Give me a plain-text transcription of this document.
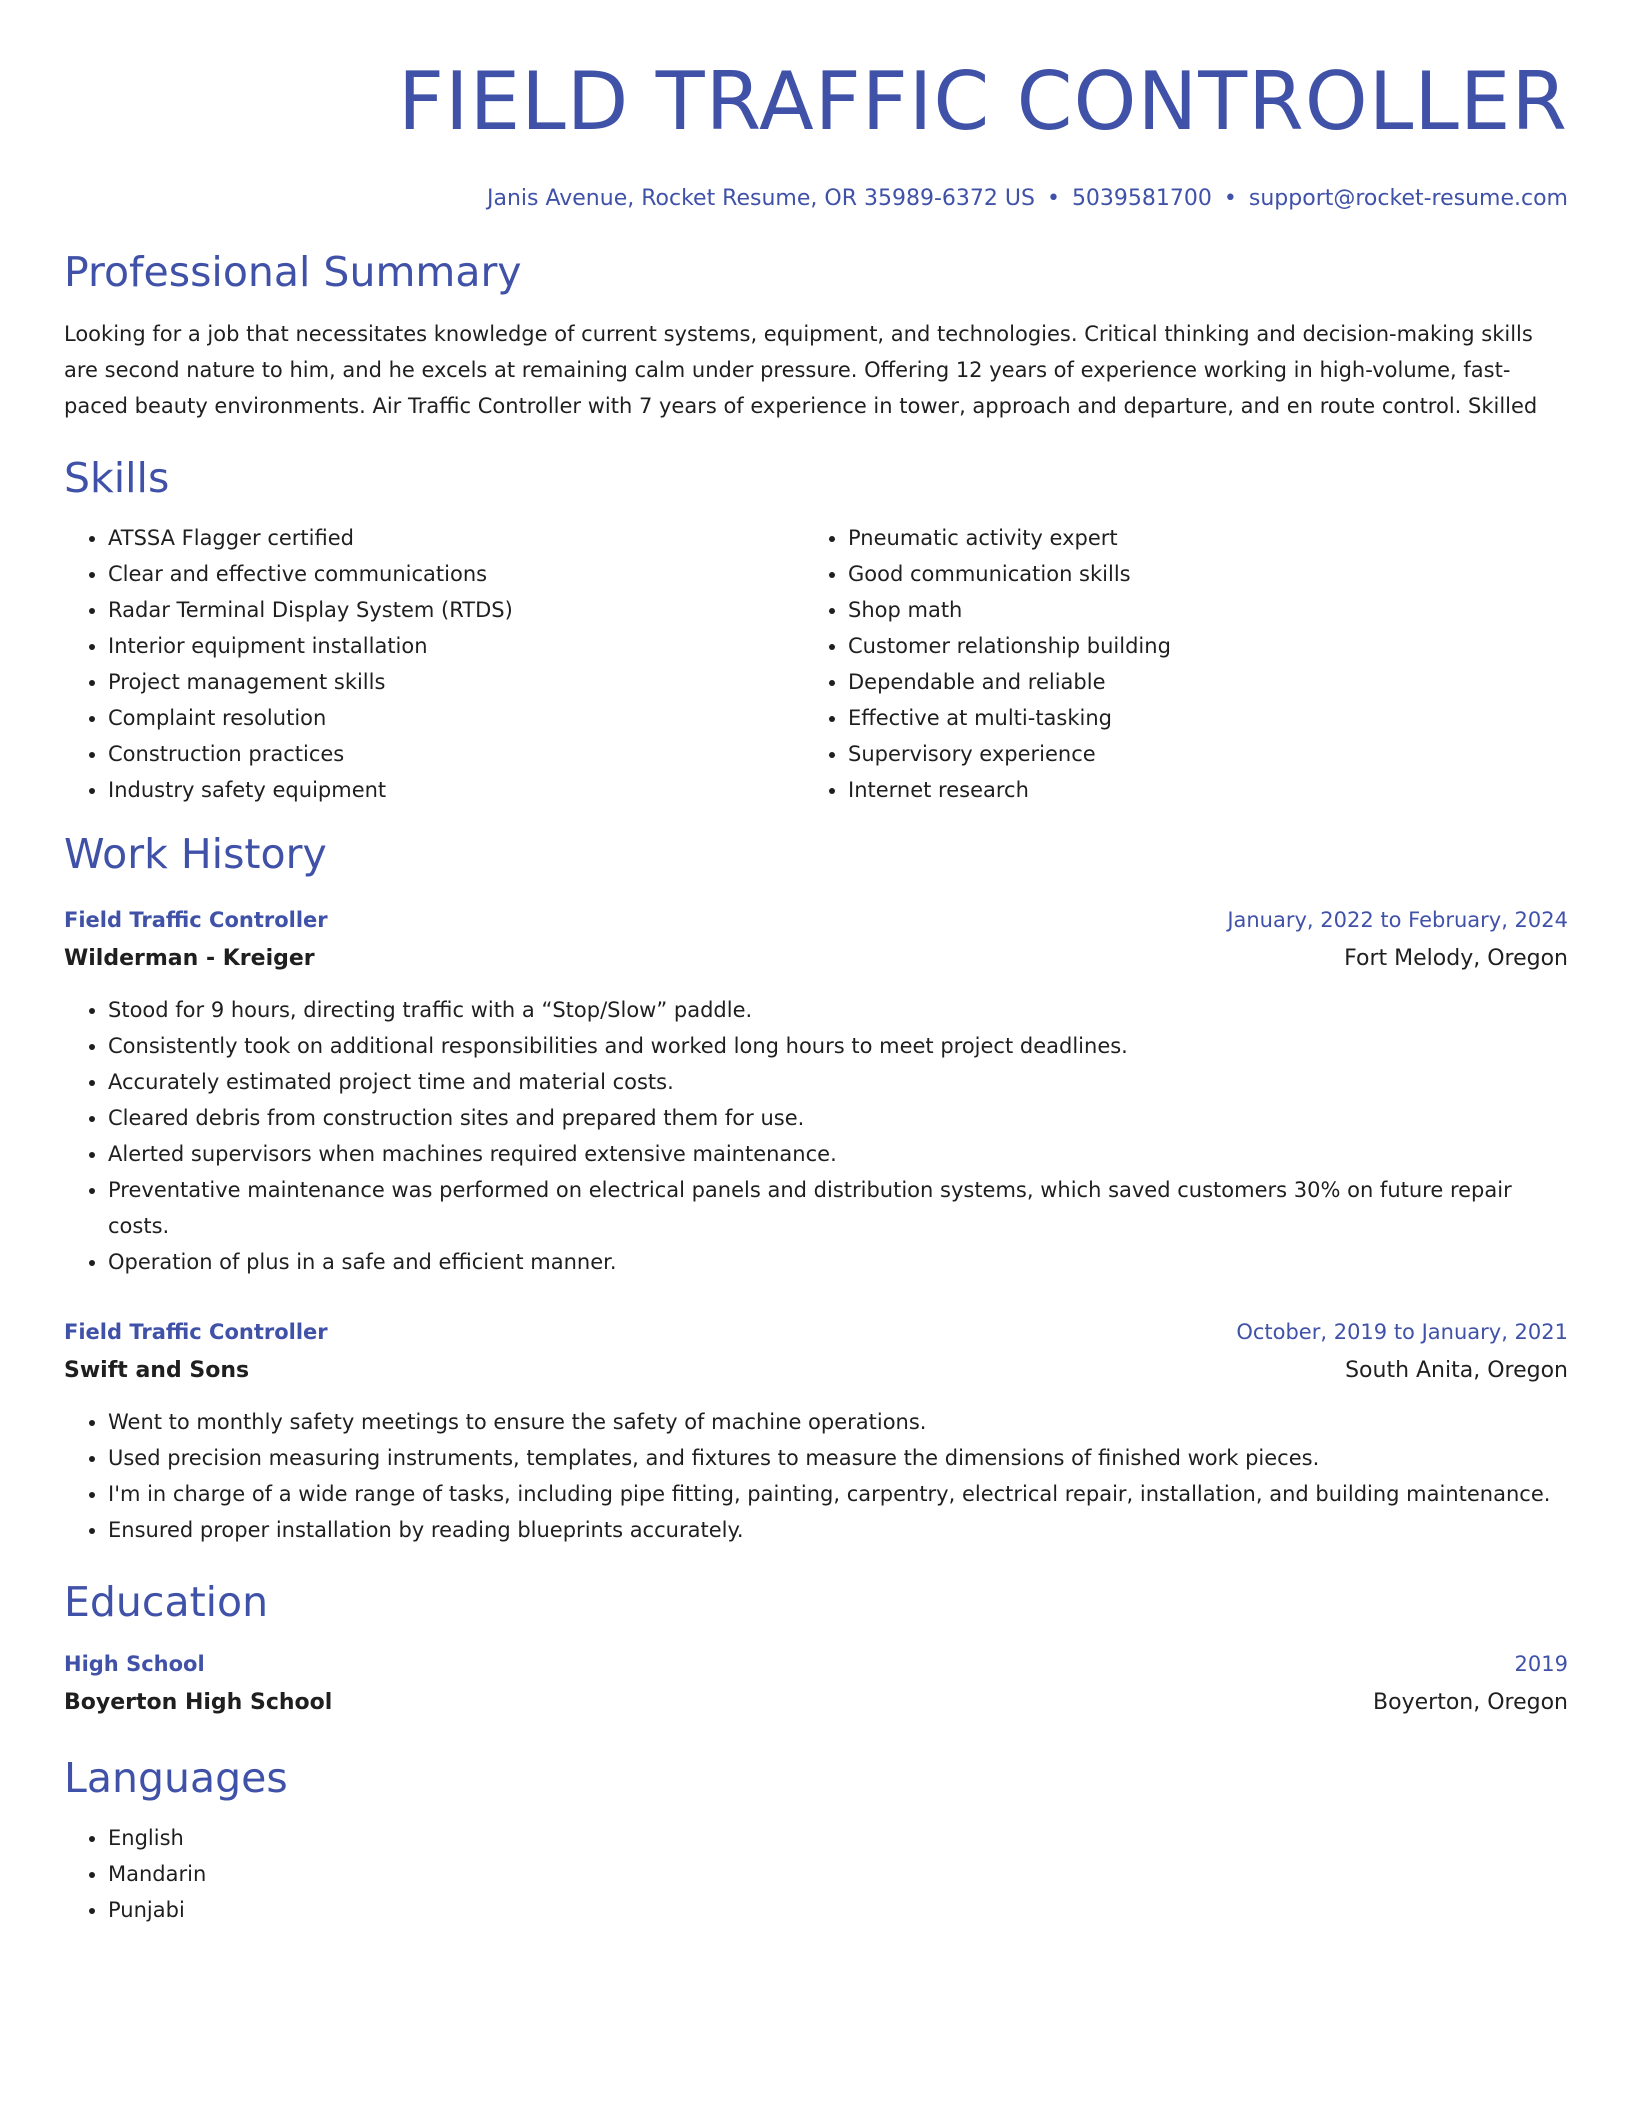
FIELD TRAFFIC CONTROLLER
Janis Avenue, Rocket Resume, OR 35989-6372 US • 5039581700 • support@rocket-resume.com
Professional Summary

Looking for a job that necessitates knowledge of current systems, equipment, and technologies. Critical thinking and decision-making skills are second nature to him, and he excels at remaining calm under pressure. Offering 12 years of experience working in high-volume, fast-paced beauty environments. Air Traffic Controller with 7 years of experience in tower, approach and departure, and en route control. Skilled

Skills
• ATSSA Flagger certified
• Clear and effective communications
• Radar Terminal Display System (RTDS)
• Interior equipment installation
• Project management skills
• Complaint resolution
• Construction practices
• Industry safety equipment
• Pneumatic activity expert
• Good communication skills
• Shop math
• Customer relationship building
• Dependable and reliable
• Effective at multi-tasking
• Supervisory experience
• Internet research
Work History
Field Traffic Controller	January, 2022 to February, 2024
Wilderman - Kreiger	Fort Melody, Oregon
• Stood for 9 hours, directing traffic with a “Stop/Slow” paddle.
• Consistently took on additional responsibilities and worked long hours to meet project deadlines.
• Accurately estimated project time and material costs.
• Cleared debris from construction sites and prepared them for use.
• Alerted supervisors when machines required extensive maintenance.
• Preventative maintenance was performed on electrical panels and distribution systems, which saved customers 30% on future repair costs.
• Operation of plus in a safe and efficient manner.
Field Traffic Controller	October, 2019 to January, 2021
Swift and Sons	South Anita, Oregon
• Went to monthly safety meetings to ensure the safety of machine operations.
• Used precision measuring instruments, templates, and fixtures to measure the dimensions of finished work pieces.
• I'm in charge of a wide range of tasks, including pipe fitting, painting, carpentry, electrical repair, installation, and building maintenance.
• Ensured proper installation by reading blueprints accurately.
Education
High School	2019
Boyerton High School	Boyerton, Oregon
Languages
• English
• Mandarin
• Punjabi
